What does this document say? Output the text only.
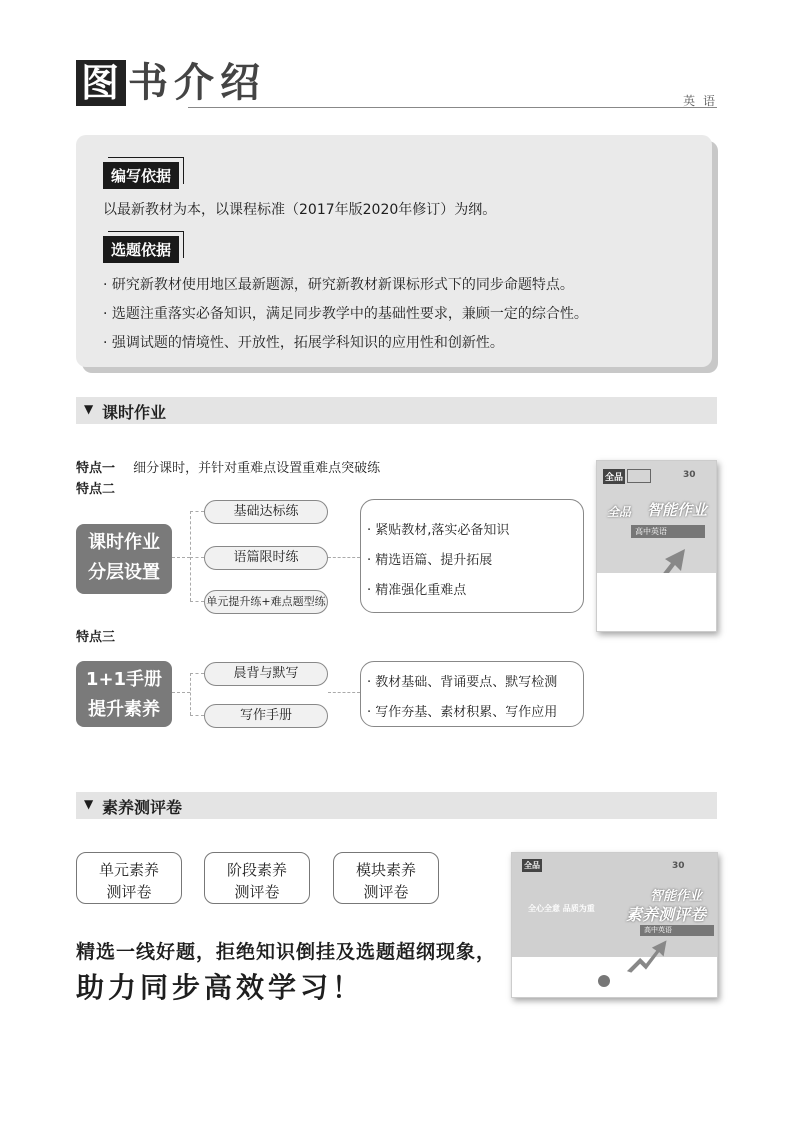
图 书介绍	英 语
编写依据
以最新教材为本，以课程标准（2017年版2020年修订）为纲。
选题依据
· 研究新教材使用地区最新题源，研究新教材新课标形式下的同步命题特点。
· 选题注重落实必备知识，满足同步教学中的基础性要求，兼顾一定的综合性。
· 强调试题的情境性、开放性，拓展学科知识的应用性和创新性。
▼ 课时作业
特点一 细分课时，并针对重难点设置重难点突破练
特点二
课时作业
分层设置
基础达标练
语篇限时练
单元提升练+难点题型练
· 紧贴教材,落实必备知识
· 精选语篇、提升拓展
· 精准强化重难点
特点三
1+1手册
提升素养
晨背与默写
写作手册
· 教材基础、背诵要点、默写检测
· 写作夯基、素材积累、写作应用
全品	30
智能作业
全品
高中英语
▼ 素养测评卷
单元素养
测评卷
阶段素养
测评卷
模块素养
测评卷
精选一线好题，拒绝知识倒挂及选题超纲现象，
助力同步高效学习！
全品	30
全心全意 品质为重
智能作业
素养测评卷
高中英语
